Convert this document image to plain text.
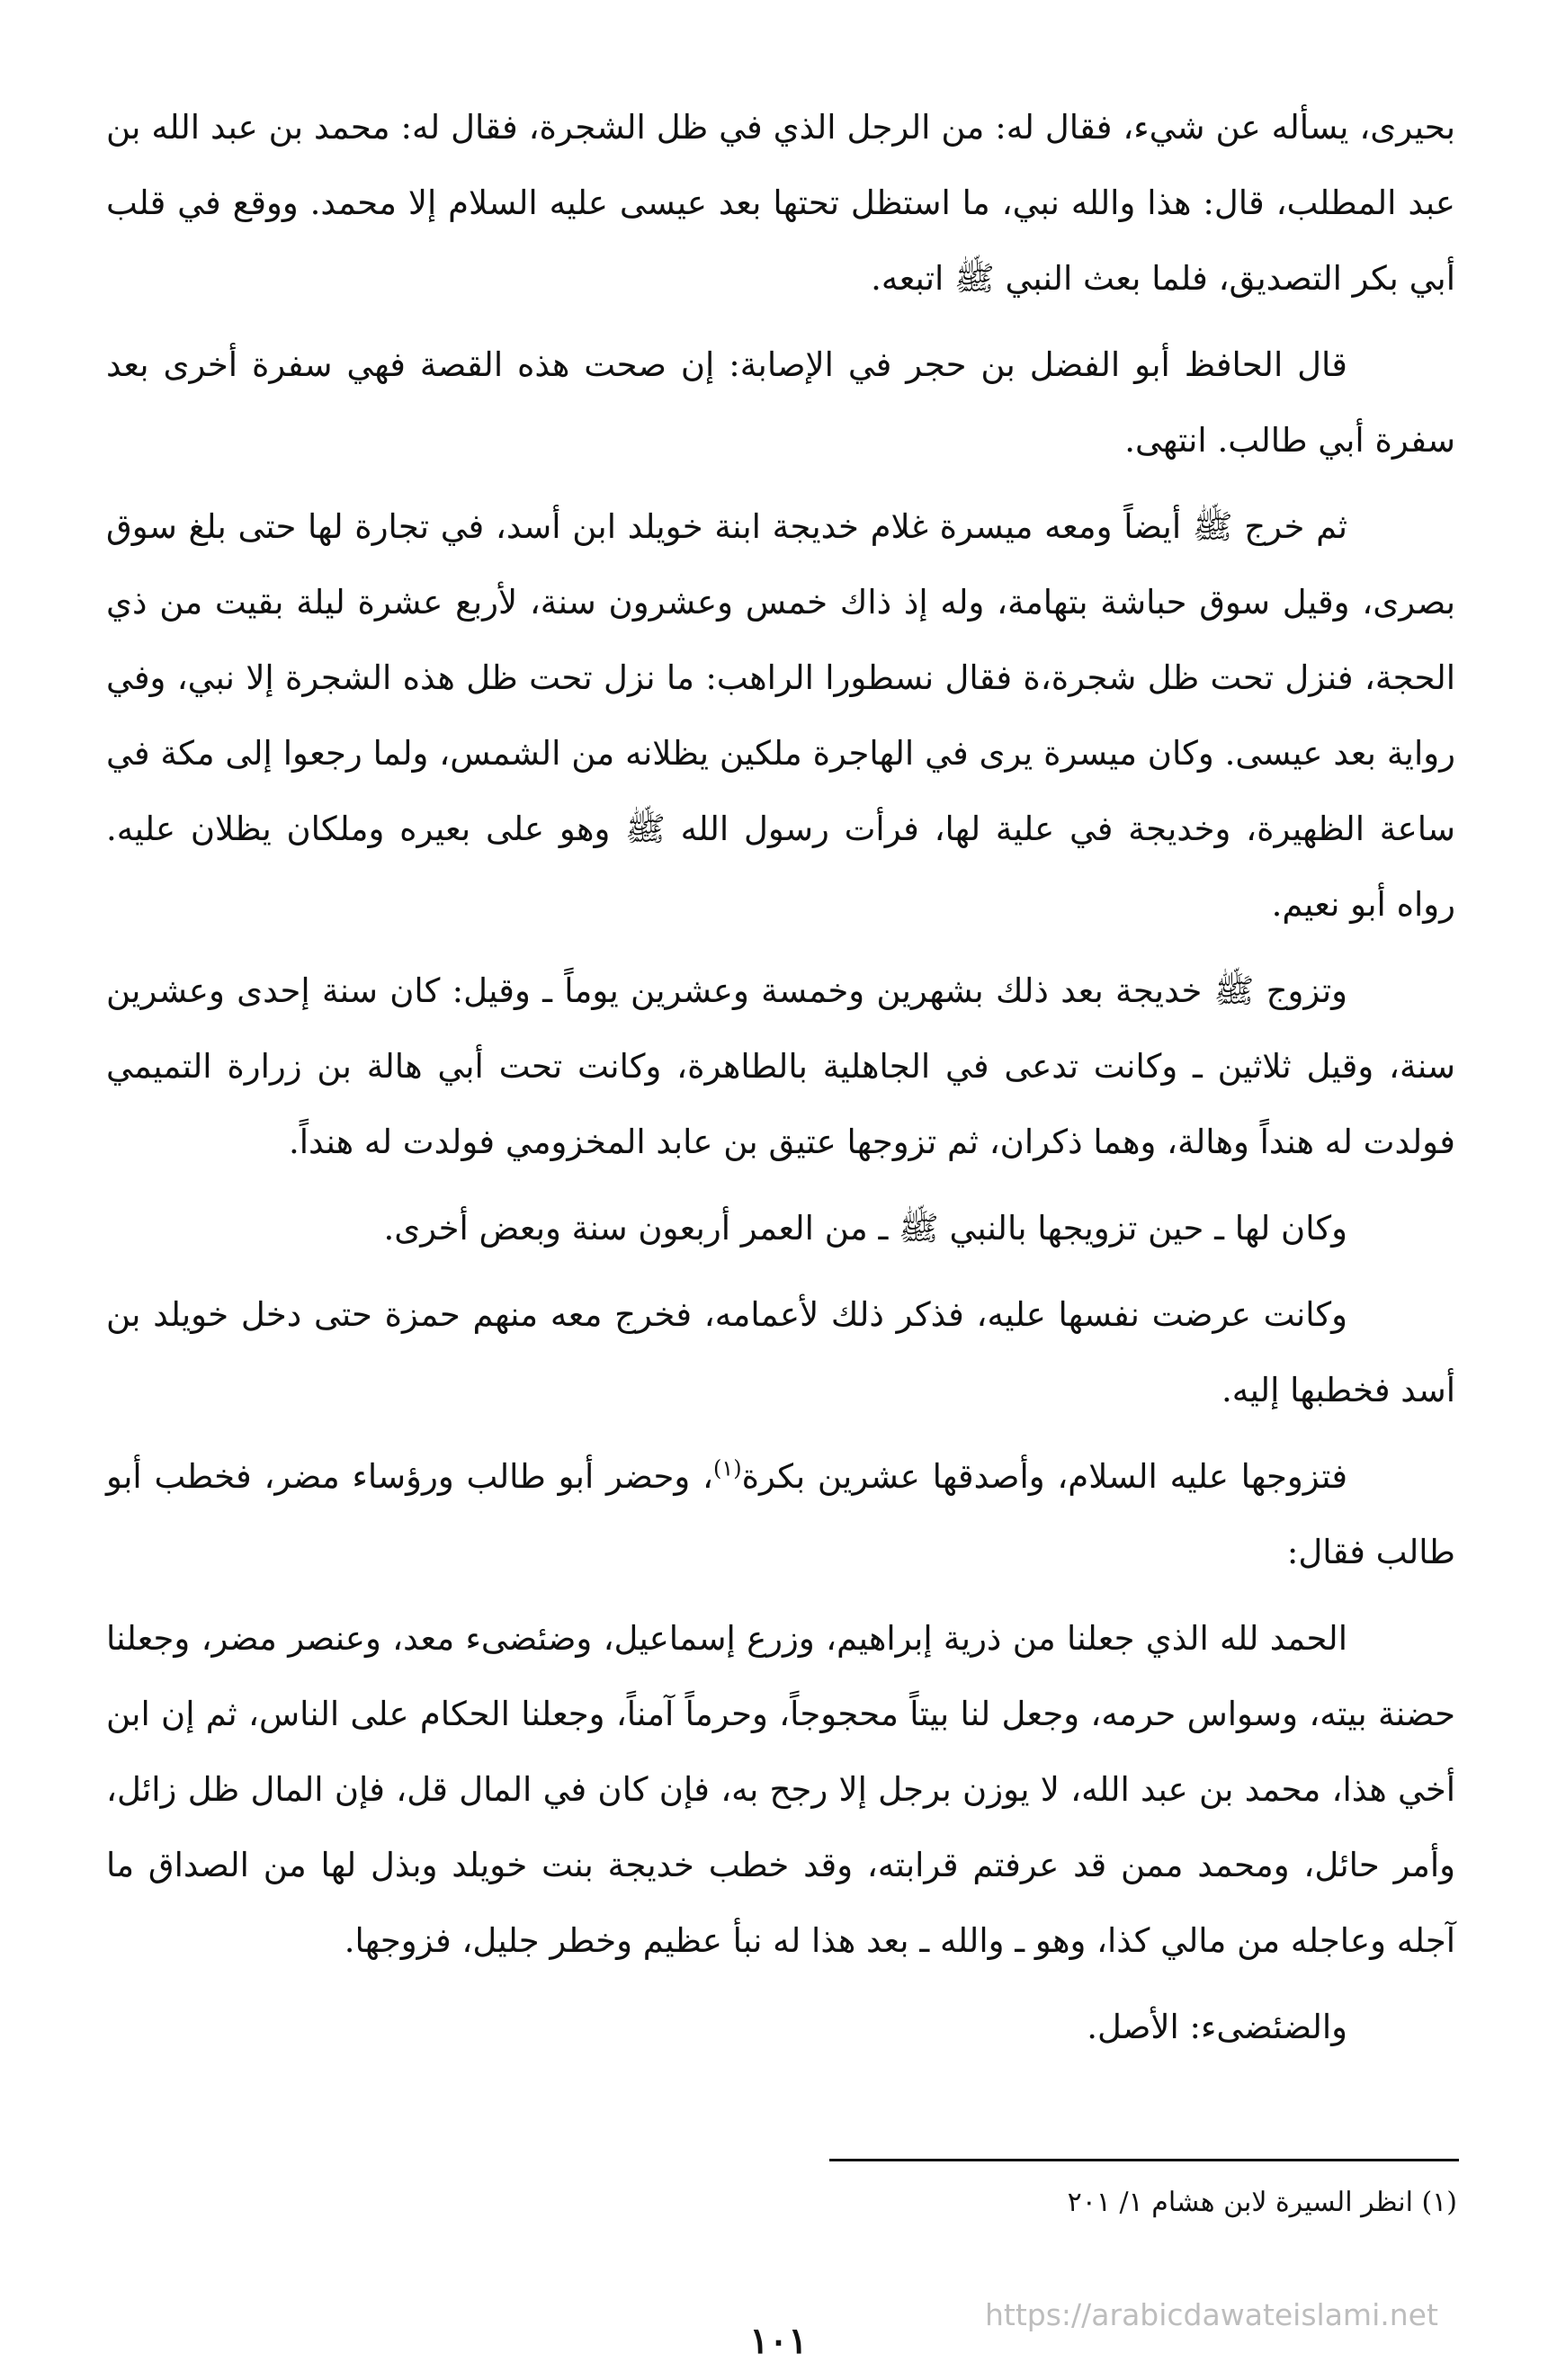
بحيرى، يسأله عن شيء، فقال له: من الرجل الذي في ظل الشجرة، فقال له: محمد بن عبد الله بن عبد المطلب، قال: هذا والله نبي، ما استظل تحتها بعد عيسى عليه السلام إلا محمد. ووقع في قلب أبي بكر التصديق، فلما بعث النبي ﷺ اتبعه.

قال الحافظ أبو الفضل بن حجر في الإصابة: إن صحت هذه القصة فهي سفرة أخرى بعد سفرة أبي طالب. انتهى.

ثم خرج ﷺ أيضاً ومعه ميسرة غلام خديجة ابنة خويلد ابن أسد، في تجارة لها حتى بلغ سوق بصرى، وقيل سوق حباشة بتهامة، وله إذ ذاك خمس وعشرون سنة، لأربع عشرة ليلة بقيت من ذي الحجة، فنزل تحت ظل شجرة،ة فقال نسطورا الراهب: ما نزل تحت ظل هذه الشجرة إلا نبي، وفي رواية بعد عيسى. وكان ميسرة يرى في الهاجرة ملكين يظلانه من الشمس، ولما رجعوا إلى مكة في ساعة الظهيرة، وخديجة في علية لها، فرأت رسول الله ﷺ وهو على بعيره وملكان يظلان عليه. رواه أبو نعيم.

وتزوج ﷺ خديجة بعد ذلك بشهرين وخمسة وعشرين يوماً ـ وقيل: كان سنة إحدى وعشرين سنة، وقيل ثلاثين ـ وكانت تدعى في الجاهلية بالطاهرة، وكانت تحت أبي هالة بن زرارة التميمي فولدت له هنداً وهالة، وهما ذكران، ثم تزوجها عتيق بن عابد المخزومي فولدت له هنداً.

وكان لها ـ حين تزويجها بالنبي ﷺ ـ من العمر أربعون سنة وبعض أخرى.

وكانت عرضت نفسها عليه، فذكر ذلك لأعمامه، فخرج معه منهم حمزة حتى دخل خويلد بن أسد فخطبها إليه.

فتزوجها عليه السلام، وأصدقها عشرين بكرة$^{(١)}$، وحضر أبو طالب ورؤساء مضر، فخطب أبو طالب فقال:

الحمد لله الذي جعلنا من ذرية إبراهيم، وزرع إسماعيل، وضئضىء معد، وعنصر مضر، وجعلنا حضنة بيته، وسواس حرمه، وجعل لنا بيتاً محجوجاً، وحرماً آمناً، وجعلنا الحكام على الناس، ثم إن ابن أخي هذا، محمد بن عبد الله، لا يوزن برجل إلا رجح به، فإن كان في المال قل، فإن المال ظل زائل، وأمر حائل، ومحمد ممن قد عرفتم قرابته، وقد خطب خديجة بنت خويلد وبذل لها من الصداق ما آجله وعاجله من مالي كذا، وهو ـ والله ـ بعد هذا له نبأ عظيم وخطر جليل، فزوجها.

والضئضىء: الأصل.

(١) انظر السيرة لابن هشام ١/ ٢٠١
https://arabicdawateislami.net
١٠١
